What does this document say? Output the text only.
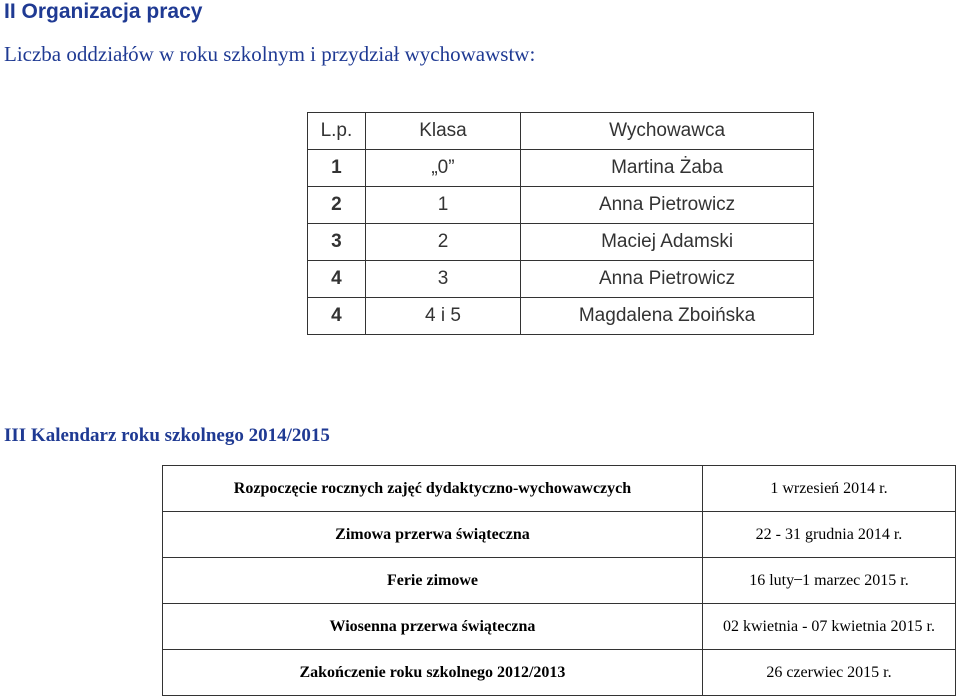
II Organizacja pracy
Liczba oddziałów w roku szkolnym i przydział wychowawstw:
L.p.	Klasa	Wychowawca
1	„0”	Martina Żaba
2	1	Anna Pietrowicz
3	2	Maciej Adamski
4	3	Anna Pietrowicz
4	4 i 5	Magdalena Zboińska
III Kalendarz roku szkolnego 2014/2015
Rozpoczęcie rocznych zajęć dydaktyczno-wychowawczych	1 wrzesień 2014 r.
Zimowa przerwa świąteczna	22 - 31 grudnia 2014 r.
Ferie zimowe	16 luty ̶ 1 marzec 2015 r.
Wiosenna przerwa świąteczna	02 kwietnia - 07 kwietnia 2015 r.
Zakończenie roku szkolnego 2012/2013	26 czerwiec 2015 r.
